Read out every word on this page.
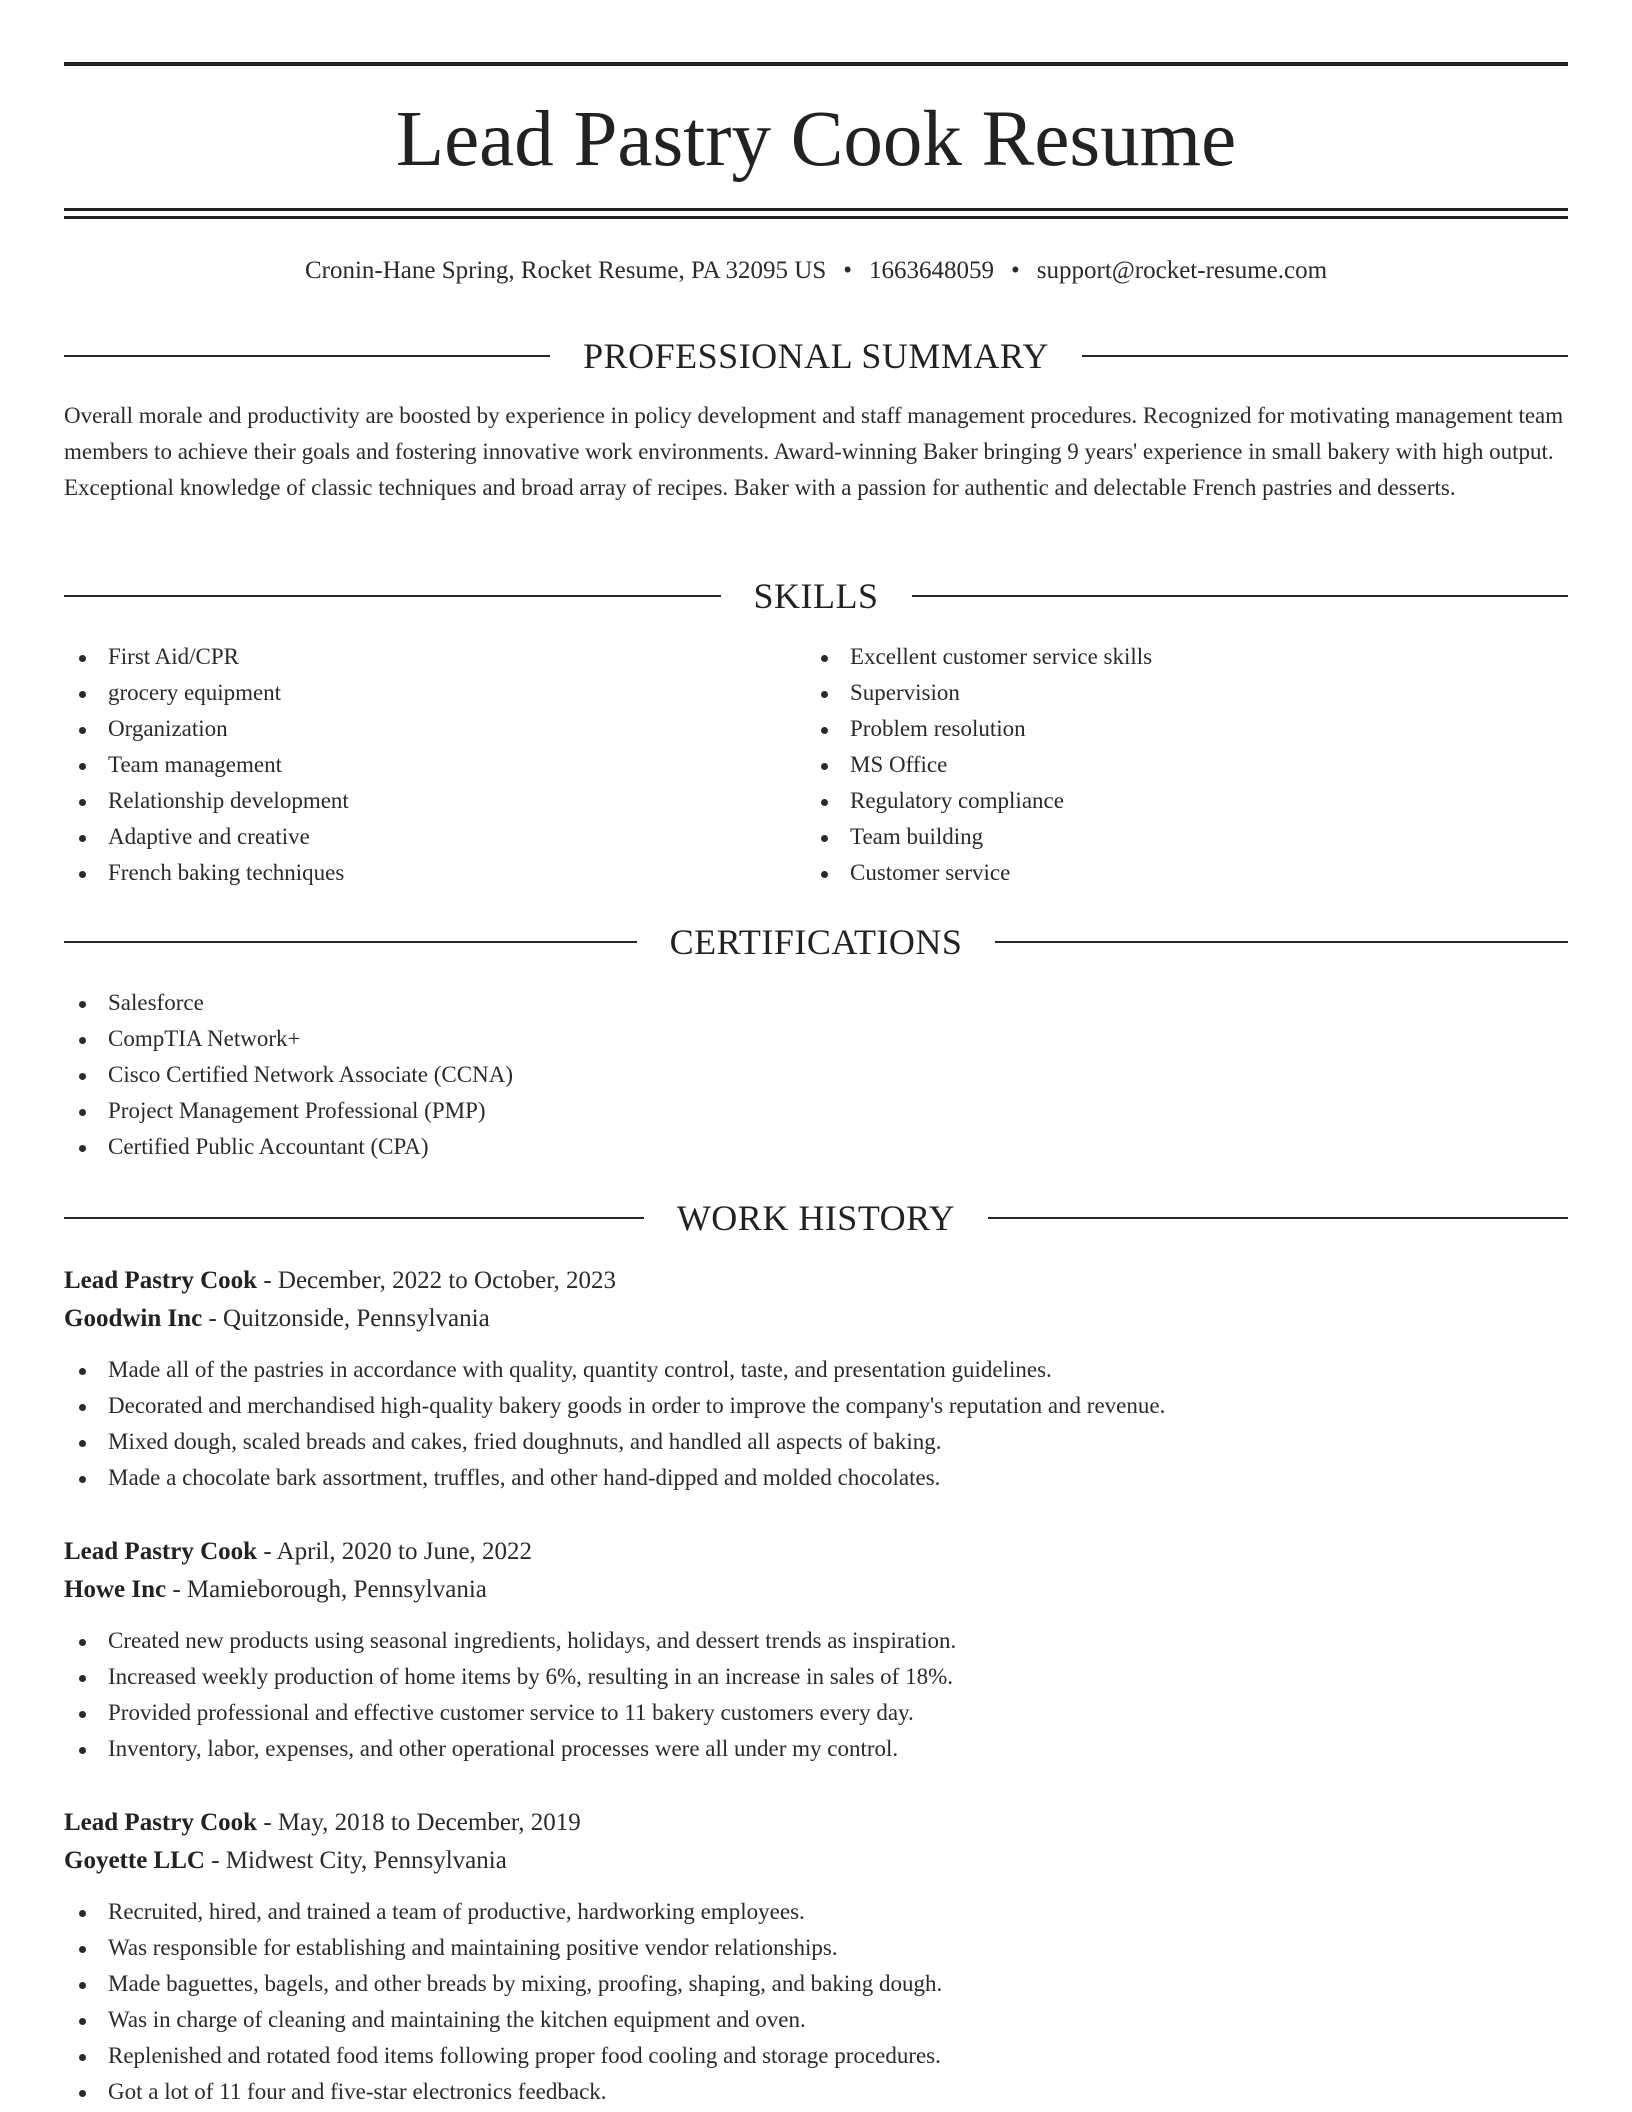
Lead Pastry Cook Resume
Cronin-Hane Spring, Rocket Resume, PA 32095 US • 1663648059 • support@rocket-resume.com
PROFESSIONAL SUMMARY

Overall morale and productivity are boosted by experience in policy development and staff management procedures. Recognized for motivating management team members to achieve their goals and fostering innovative work environments. Award-winning Baker bringing 9 years' experience in small bakery with high output. Exceptional knowledge of classic techniques and broad array of recipes. Baker with a passion for authentic and delectable French pastries and desserts.

SKILLS
First Aid/CPR
grocery equipment
Organization
Team management
Relationship development
Adaptive and creative
French baking techniques
Excellent customer service skills
Supervision
Problem resolution
MS Office
Regulatory compliance
Team building
Customer service
CERTIFICATIONS
Salesforce
CompTIA Network+
Cisco Certified Network Associate (CCNA)
Project Management Professional (PMP)
Certified Public Accountant (CPA)
WORK HISTORY
Lead Pastry Cook - December, 2022 to October, 2023
Goodwin Inc - Quitzonside, Pennsylvania
Made all of the pastries in accordance with quality, quantity control, taste, and presentation guidelines.
Decorated and merchandised high-quality bakery goods in order to improve the company's reputation and revenue.
Mixed dough, scaled breads and cakes, fried doughnuts, and handled all aspects of baking.
Made a chocolate bark assortment, truffles, and other hand-dipped and molded chocolates.
Lead Pastry Cook - April, 2020 to June, 2022
Howe Inc - Mamieborough, Pennsylvania
Created new products using seasonal ingredients, holidays, and dessert trends as inspiration.
Increased weekly production of home items by 6%, resulting in an increase in sales of 18%.
Provided professional and effective customer service to 11 bakery customers every day.
Inventory, labor, expenses, and other operational processes were all under my control.
Lead Pastry Cook - May, 2018 to December, 2019
Goyette LLC - Midwest City, Pennsylvania
Recruited, hired, and trained a team of productive, hardworking employees.
Was responsible for establishing and maintaining positive vendor relationships.
Made baguettes, bagels, and other breads by mixing, proofing, shaping, and baking dough.
Was in charge of cleaning and maintaining the kitchen equipment and oven.
Replenished and rotated food items following proper food cooling and storage procedures.
Got a lot of 11 four and five-star electronics feedback.
